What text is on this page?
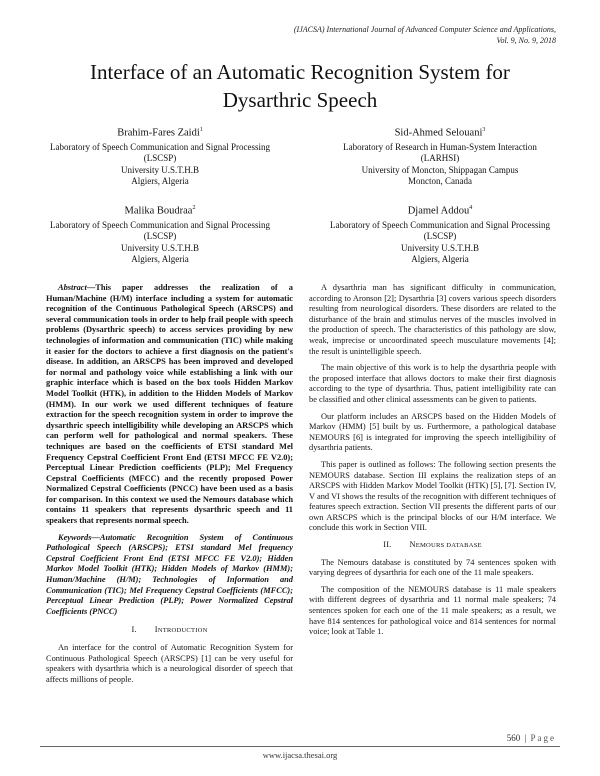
(IJACSA) International Journal of Advanced Computer Science and Applications,
Vol. 9, No. 9, 2018
Interface of an Automatic Recognition System for
Dysarthric Speech
Brahim-Fares Zaidi$^1$
Laboratory of Speech Communication and Signal Processing
(LSCSP)
University U.S.T.H.B
Algiers, Algeria
Sid-Ahmed Selouani$^3$
Laboratory of Research in Human-System Interaction
(LARHSI)
University of Moncton, Shippagan Campus
Moncton, Canada
Malika Boudraa$^2$
Laboratory of Speech Communication and Signal Processing
(LSCSP)
University U.S.T.H.B
Algiers, Algeria
Djamel Addou$^4$
Laboratory of Speech Communication and Signal Processing
(LSCSP)
University U.S.T.H.B
Algiers, Algeria
Abstract—This paper addresses the realization of a Human/Machine (H/M) interface including a system for automatic recognition of the Continuous Pathological Speech (ARSCPS) and several communication tools in order to help frail people with speech problems (Dysarthric speech) to access services providing by new technologies of information and communication (TIC) while making it easier for the doctors to achieve a first diagnosis on the patient's disease. In addition, an ARSCPS has been improved and developed for normal and pathology voice while establishing a link with our graphic interface which is based on the box tools Hidden Markov Model Toolkit (HTK), in addition to the Hidden Models of Markov (HMM). In our work we used different techniques of feature extraction for the speech recognition system in order to improve the dysarthric speech intelligibility while developing an ARSCPS which can perform well for pathological and normal speakers. These techniques are based on the coefficients of ETSI standard Mel Frequency Cepstral Coefficient Front End (ETSI MFCC FE V2.0); Perceptual Linear Prediction coefficients (PLP); Mel Frequency Cepstral Coefficients (MFCC) and the recently proposed Power Normalized Cepstral Coefficients (PNCC) have been used as a basis for comparison. In this context we used the Nemours database which contains 11 speakers that represents dysarthric speech and 11 speakers that represents normal speech.
Keywords—Automatic Recognition System of Continuous Pathological Speech (ARSCPS); ETSI standard Mel frequency Cepstral Coefficient Front End (ETSI MFCC FE V2.0); Hidden Markov Model Toolkit (HTK); Hidden Models of Markov (HMM); Human/Machine (H/M); Technologies of Information and Communication (TIC); Mel Frequency Cepstral Coefficients (MFCC); Perceptual Linear Prediction (PLP); Power Normalized Cepstral Coefficients (PNCC)
I. INTRODUCTION

An interface for the control of Automatic Recognition System for Continuous Pathological Speech (ARSCPS) [1] can be very useful for speakers with dysarthria which is a neurological disorder of speech that affects millions of people.

A dysarthria man has significant difficulty in communication, according to Aronson [2]; Dysarthria [3] covers various speech disorders resulting from neurological disorders. These disorders are related to the disturbance of the brain and stimulus nerves of the muscles involved in the production of speech. The characteristics of this pathology are slow, weak, imprecise or uncoordinated speech musculature movements [4]; the result is unintelligible speech.

The main objective of this work is to help the dysarthria people with the proposed interface that allows doctors to make their first diagnosis according to the type of dysarthria. Thus, patient intelligibility rate can be classified and other clinical assessments can be given to patients.

Our platform includes an ARSCPS based on the Hidden Models of Markov (HMM) [5] built by us. Furthermore, a pathological database NEMOURS [6] is integrated for improving the speech intelligibility of dysarthria patients.

This paper is outlined as follows: The following section presents the NEMOURS database. Section III explains the realization steps of an ARSCPS with Hidden Markov Model Toolkit (HTK) [5], [7]. Section IV, V and VI shows the results of the recognition with different techniques of features speech extraction. Section VII presents the different parts of our own ARSCPS which is the principal blocks of our H/M interface. We conclude this work in Section VIII.

II. NEMOURS DATABASE

The Nemours database is constituted by 74 sentences spoken with varying degrees of dysarthria for each one of the 11 male speakers.

The composition of the NEMOURS database is 11 male speakers with different degrees of dysarthria and 11 normal male speakers; 74 sentences spoken for each one of the 11 male speakers; as a result, we have 814 sentences for pathological voice and 814 sentences for normal voice; look at Table 1.

560 | Page
www.ijacsa.thesai.org
